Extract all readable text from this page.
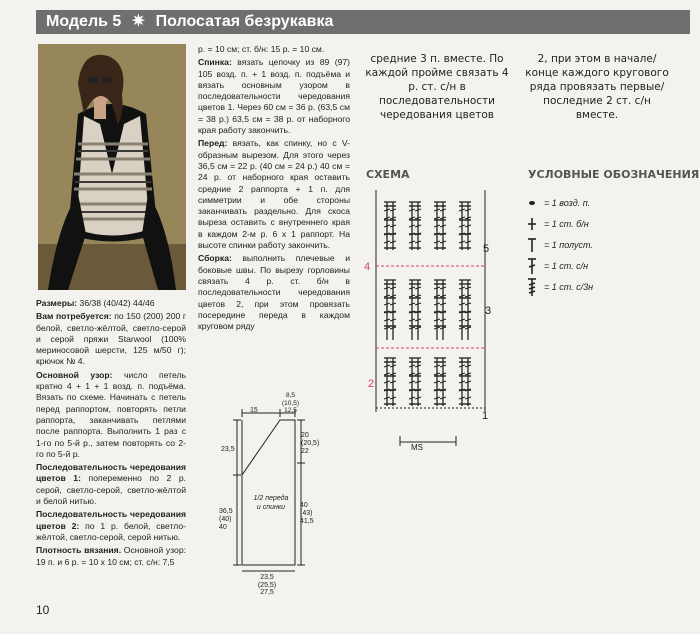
Модель 5 ✷ Полосатая безрукавка

Размеры: 36/38 (40/42) 44/46

Вам потребуется: по 150 (200) 200 г белой, светло-жёлтой, светло-серой и серой пряжи Starwool (100% мериносовой шерсти, 125 м/50 г); крючок № 4.

Основной узор: число петель кратно 4 + 1 + 1 возд. п. подъёма. Вязать по схеме. Начинать с петель перед раппортом, повторять петли раппорта, заканчивать петлями после раппорта. Выполнить 1 раз с 1-го по 5-й р., затем повторять со 2-го по 5-й р.

Последовательность чередования цветов 1: попеременно по 2 р. серой, светло-серой, светло-жёлтой и белой нитью.

Последовательность чередования цветов 2: по 1 р. белой, светло-жёлтой, светло-серой, серой нитью.

Плотность вязания. Основной узор: 19 п. и 6 р. = 10 х 10 см; ст. с/н: 7,5

10

р. = 10 см; ст. б/н: 15 р. = 10 см.

Спинка: вязать цепочку из 89 (97) 105 возд. п. + 1 возд. п. подъёма и вязать основным узором в последовательности чередования цветов 1. Через 60 см = 36 р. (63,5 см = 38 р.) 63,5 см = 38 р. от наборного края работу закончить.

Перед: вязать, как спинку, но с V-образным вырезом. Для этого через 36,5 см = 22 р. (40 см = 24 р.) 40 см = 24 р. от наборного края оставить средние 2 раппорта + 1 п. для симметрии и обе стороны заканчивать раздельно. Для скоса выреза оставить с внутреннего края в каждом 2-м р. 6 х 1 раппорт. На высоте спинки работу закончить.

Сборка: выполнить плечевые и боковые швы. По вырезу горловины связать 4 р. ст. б/н в последовательности чередования цветов 2, при этом провязать посередине переда в каждом круговом ряду

средние 3 п. вместе. По каждой пройме связать 4 р. ст. с/н в последовательности чередования цветов
2, при этом в начале/конце каждого кругового ряда провязать первые/последние 2 ст. с/н вместе.
СХЕМА
5
4
3
2
1
MS
УСЛОВНЫЕ ОБОЗНАЧЕНИЯ
= 1 возд. п.
= 1 ст. б/н
= 1 полуст.
= 1 ст. с/н
= 1 ст. с/3н
15
8,5
(10,5)
12,5
23,5
20
(20,5)
22
36,5
(40)
40
40
(43)
41,5
1/2 переда
и спинки
23,5
(25,5)
27,5
